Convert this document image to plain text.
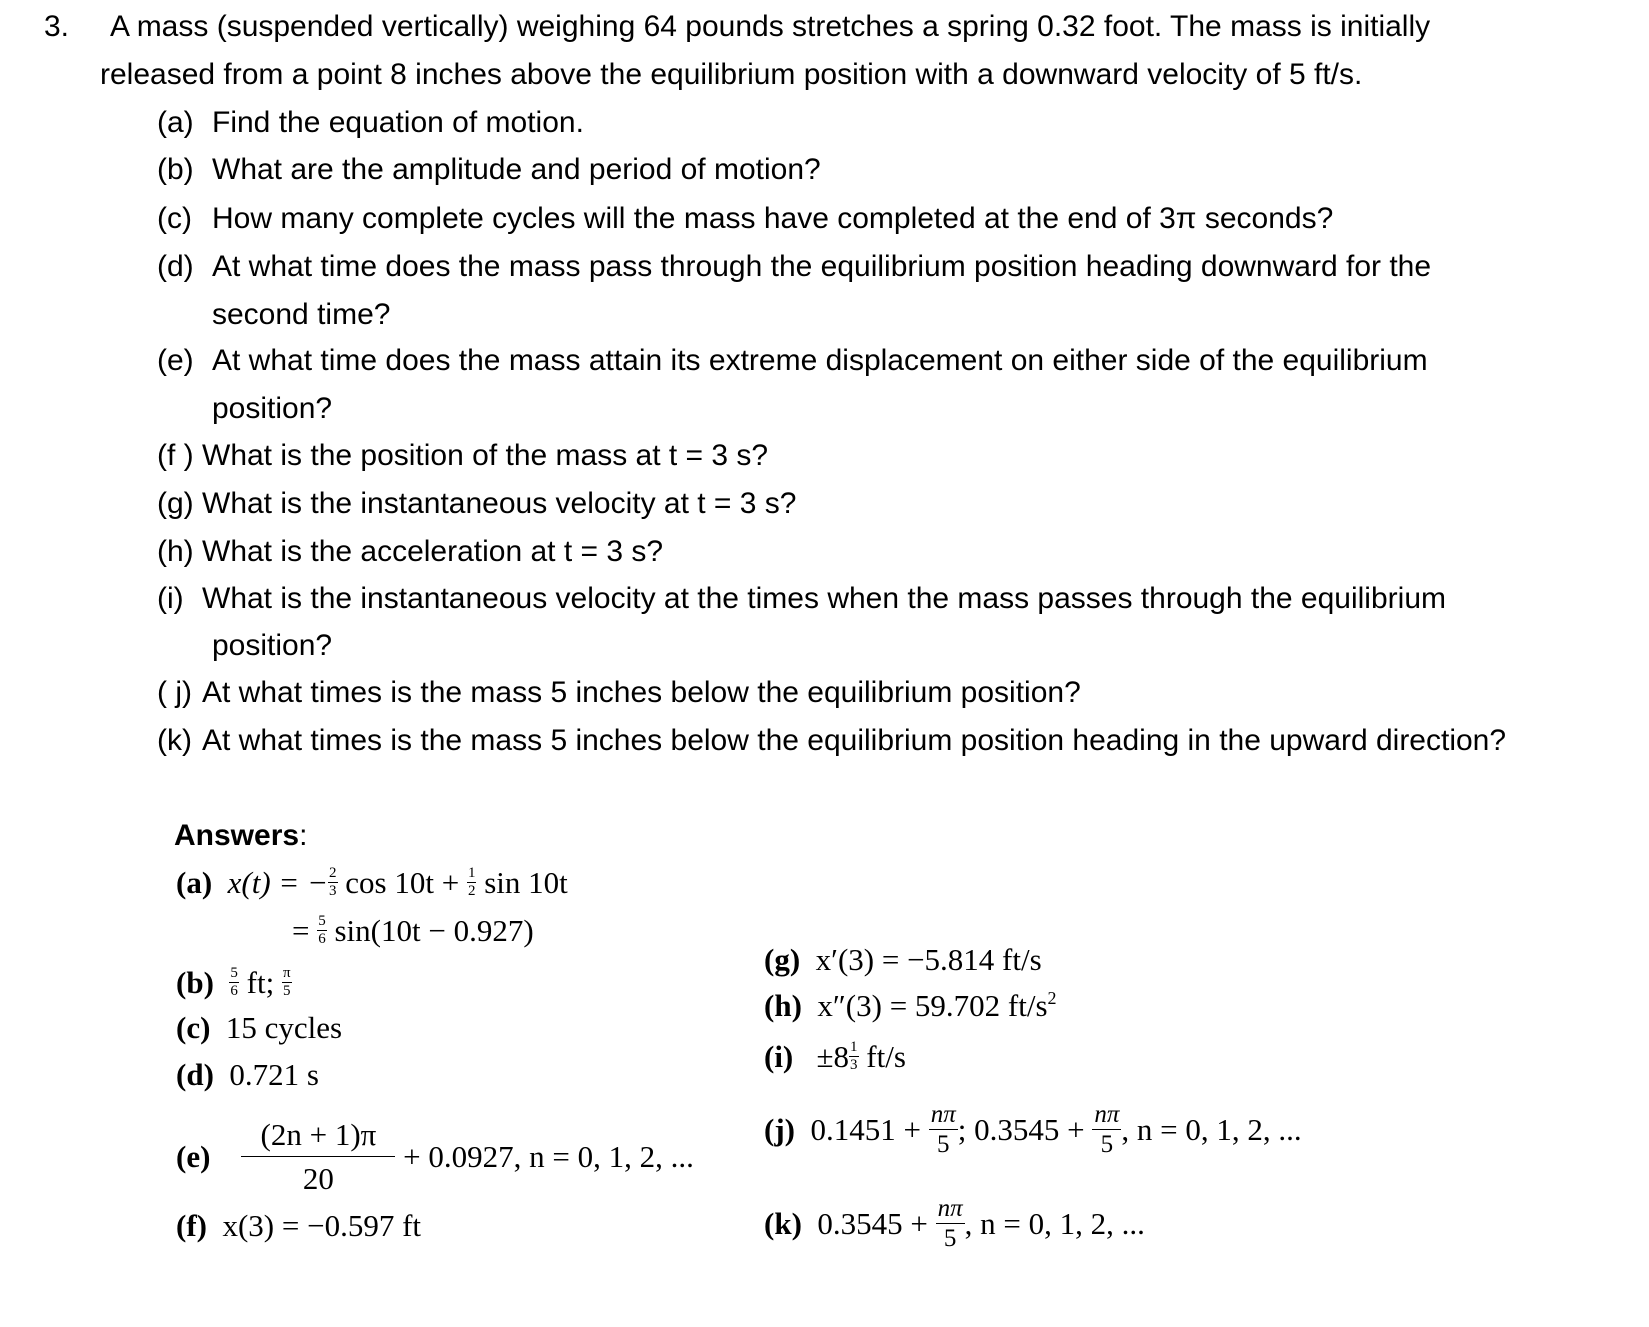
3. A mass (suspended vertically) weighing 64 pounds stretches a spring 0.32 foot. The mass is initially
released from a point 8 inches above the equilibrium position with a downward velocity of 5 ft/s.
(a) Find the equation of motion.
(b) What are the amplitude and period of motion?
(c) How many complete cycles will the mass have completed at the end of 3π seconds?
(d) At what time does the mass pass through the equilibrium position heading downward for the
second time?
(e) At what time does the mass attain its extreme displacement on either side of the equilibrium
position?
(f ) What is the position of the mass at t = 3 s?
(g) What is the instantaneous velocity at t = 3 s?
(h) What is the acceleration at t = 3 s?
(i) What is the instantaneous velocity at the times when the mass passes through the equilibrium
position?
( j) At what times is the mass 5 inches below the equilibrium position?
(k) At what times is the mass 5 inches below the equilibrium position heading in the upward direction?
Answers:
(a)
x(t) = − $\frac{2}{3}$ $\cos 10t + \frac{1}{2}$ sin 10t
= $\frac{5}{6} \sin(10t - 0.927)$
(b)
$\frac{5}{6}$ ft; $\frac{\pi}{5}$
(c) 15 cycles
(d) 0.721 s
(e)
$\frac{(2n + 1)\pi}{20} + 0.0927$, n = 0, 1, 2, ...
(f) x(3) = −0.597 ft
(g) x′(3) = −5.814 ft/s
(h) x″(3) = 59.702 $ft/s^2$
(i)
$\pm 8 \frac{1}{3} ft/s$
(j)
$0.1451 + \frac{n\pi}{5}$ ; $0.3545 + \frac{n\pi}{5}$ , n = 0, 1, 2, ...
(k)
$0.3545 + \frac{n\pi}{5}$ , n = 0, 1, 2, ...
